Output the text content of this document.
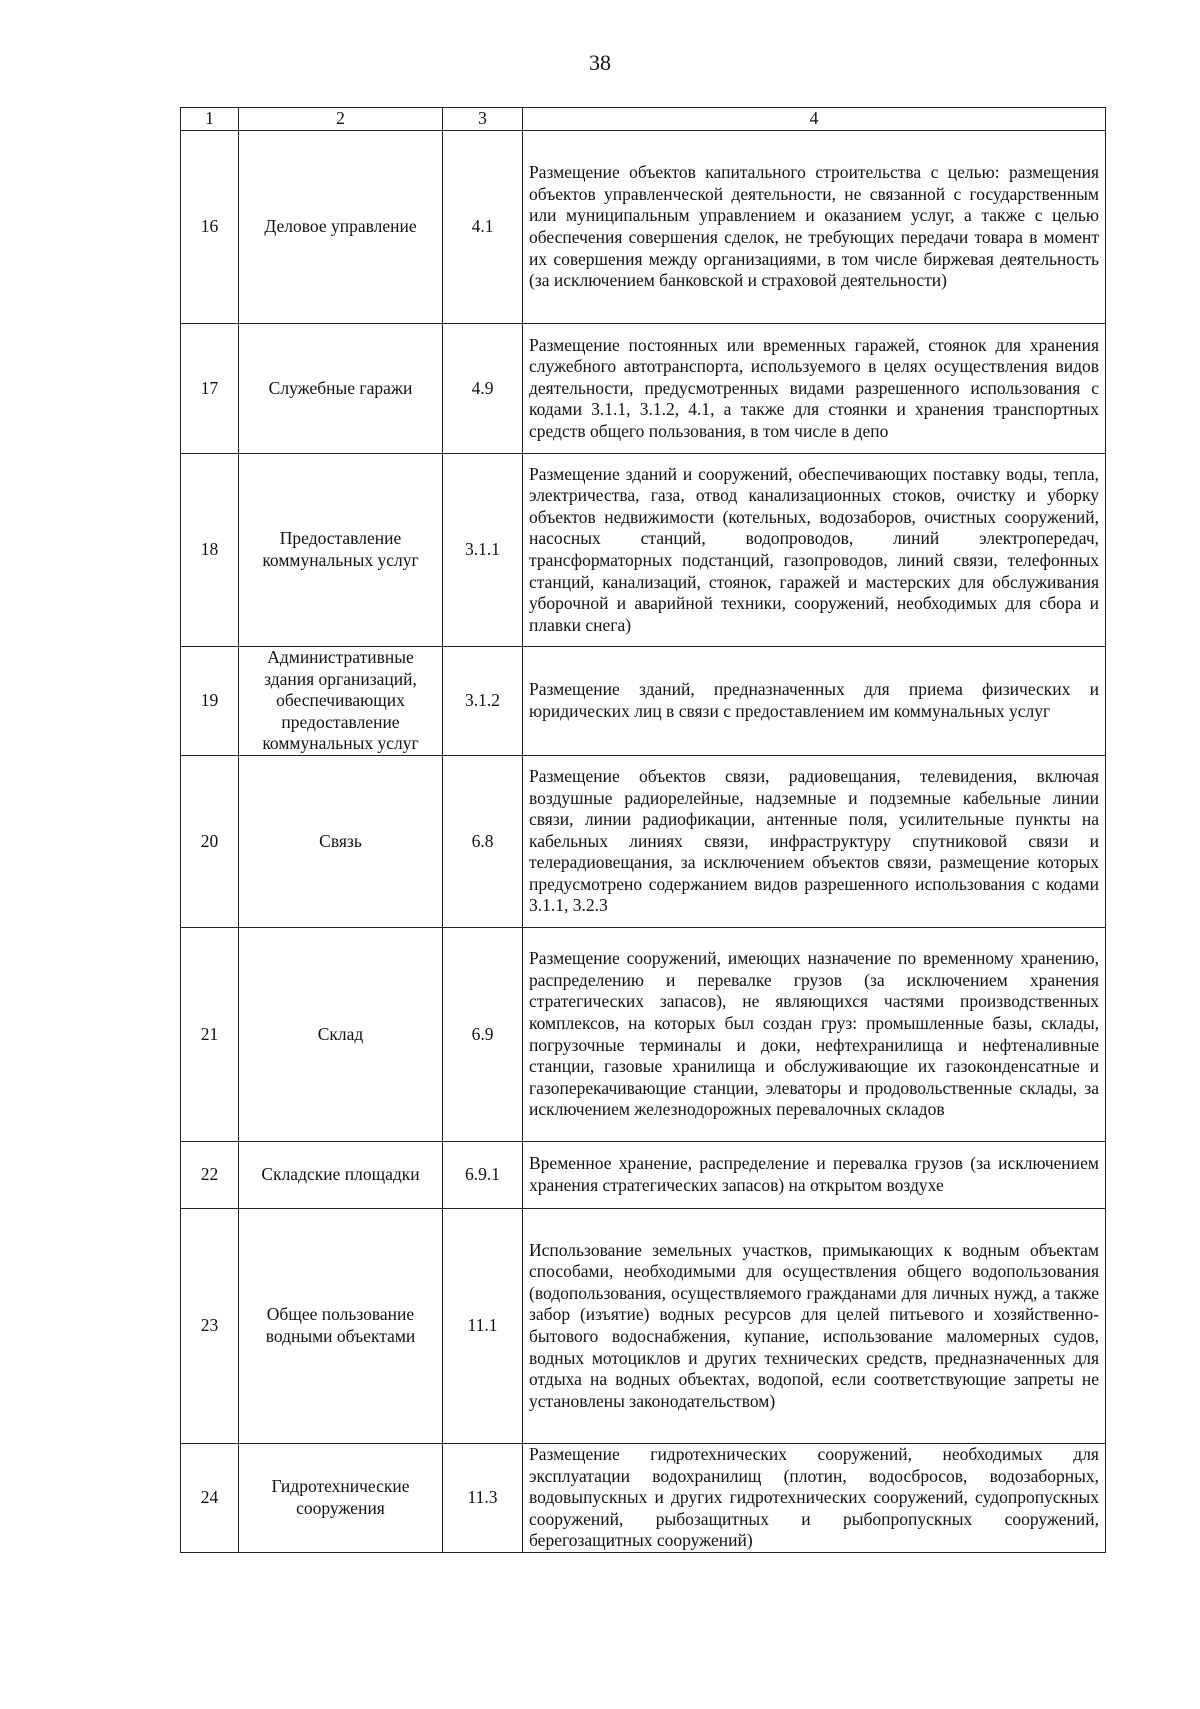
38
1	2	3	4
16	Деловое управление	4.1	Размещение объектов капитального строительства с целью: размещения объектов управленческой деятельности, не связанной с государственным или муниципальным управлением и оказанием услуг, а также с целью обеспечения совершения сделок, не требующих передачи товара в момент их совершения между организациями, в том числе биржевая деятельность (за исключением банковской и страховой деятельности)
17	Служебные гаражи	4.9	Размещение постоянных или временных гаражей, стоянок для хранения служебного автотранспорта, используемого в целях осуществления видов деятельности, предусмотренных видами разрешенного использования с кодами 3.1.1, 3.1.2, 4.1, а также для стоянки и хранения транспортных средств общего пользования, в том числе в депо
18	Предоставление коммунальных услуг	3.1.1	Размещение зданий и сооружений, обеспечивающих поставку воды, тепла, электричества, газа, отвод канализационных стоков, очистку и уборку объектов недвижимости (котельных, водозаборов, очистных сооружений, насосных станций, водопроводов, линий электропередач, трансформаторных подстанций, газопроводов, линий связи, телефонных станций, канализаций, стоянок, гаражей и мастерских для обслуживания уборочной и аварийной техники, сооружений, необходимых для сбора и плавки снега)
19	Административные здания организаций, обеспечивающих предоставление коммунальных услуг	3.1.2	Размещение зданий, предназначенных для приема физических и юридических лиц в связи с предоставлением им коммунальных услуг
20	Связь	6.8	Размещение объектов связи, радиовещания, телевидения, включая воздушные радиорелейные, надземные и подземные кабельные линии связи, линии радиофикации, антенные поля, усилительные пункты на кабельных линиях связи, инфраструктуру спутниковой связи и телерадиовещания, за исключением объектов связи, размещение которых предусмотрено содержанием видов разрешенного использования с кодами 3.1.1, 3.2.3
21	Склад	6.9	Размещение сооружений, имеющих назначение по временному хранению, распределению и перевалке грузов (за исключением хранения стратегических запасов), не являющихся частями производственных комплексов, на которых был создан груз: промышленные базы, склады, погрузочные терминалы и доки, нефтехранилища и нефтеналивные станции, газовые хранилища и обслуживающие их газоконденсатные и газоперекачивающие станции, элеваторы и продовольственные склады, за исключением железнодорожных перевалочных складов
22	Складские площадки	6.9.1	Временное хранение, распределение и перевалка грузов (за исключением хранения стратегических запасов) на открытом воздухе
23	Общее пользование водными объектами	11.1	Использование земельных участков, примыкающих к водным объектам способами, необходимыми для осуществления общего водопользования (водопользования, осуществляемого гражданами для личных нужд, а также забор (изъятие) водных ресурсов для целей питьевого и хозяйственно-бытового водоснабжения, купание, использование маломерных судов, водных мотоциклов и других технических средств, предназначенных для отдыха на водных объектах, водопой, если соответствующие запреты не установлены законодательством)
24	Гидротехнические сооружения	11.3	Размещение гидротехнических сооружений, необходимых для эксплуатации водохранилищ (плотин, водосбросов, водозаборных, водовыпускных и других гидротехнических сооружений, судопропускных сооружений, рыбозащитных и рыбопропускных сооружений, берегозащитных сооружений)
